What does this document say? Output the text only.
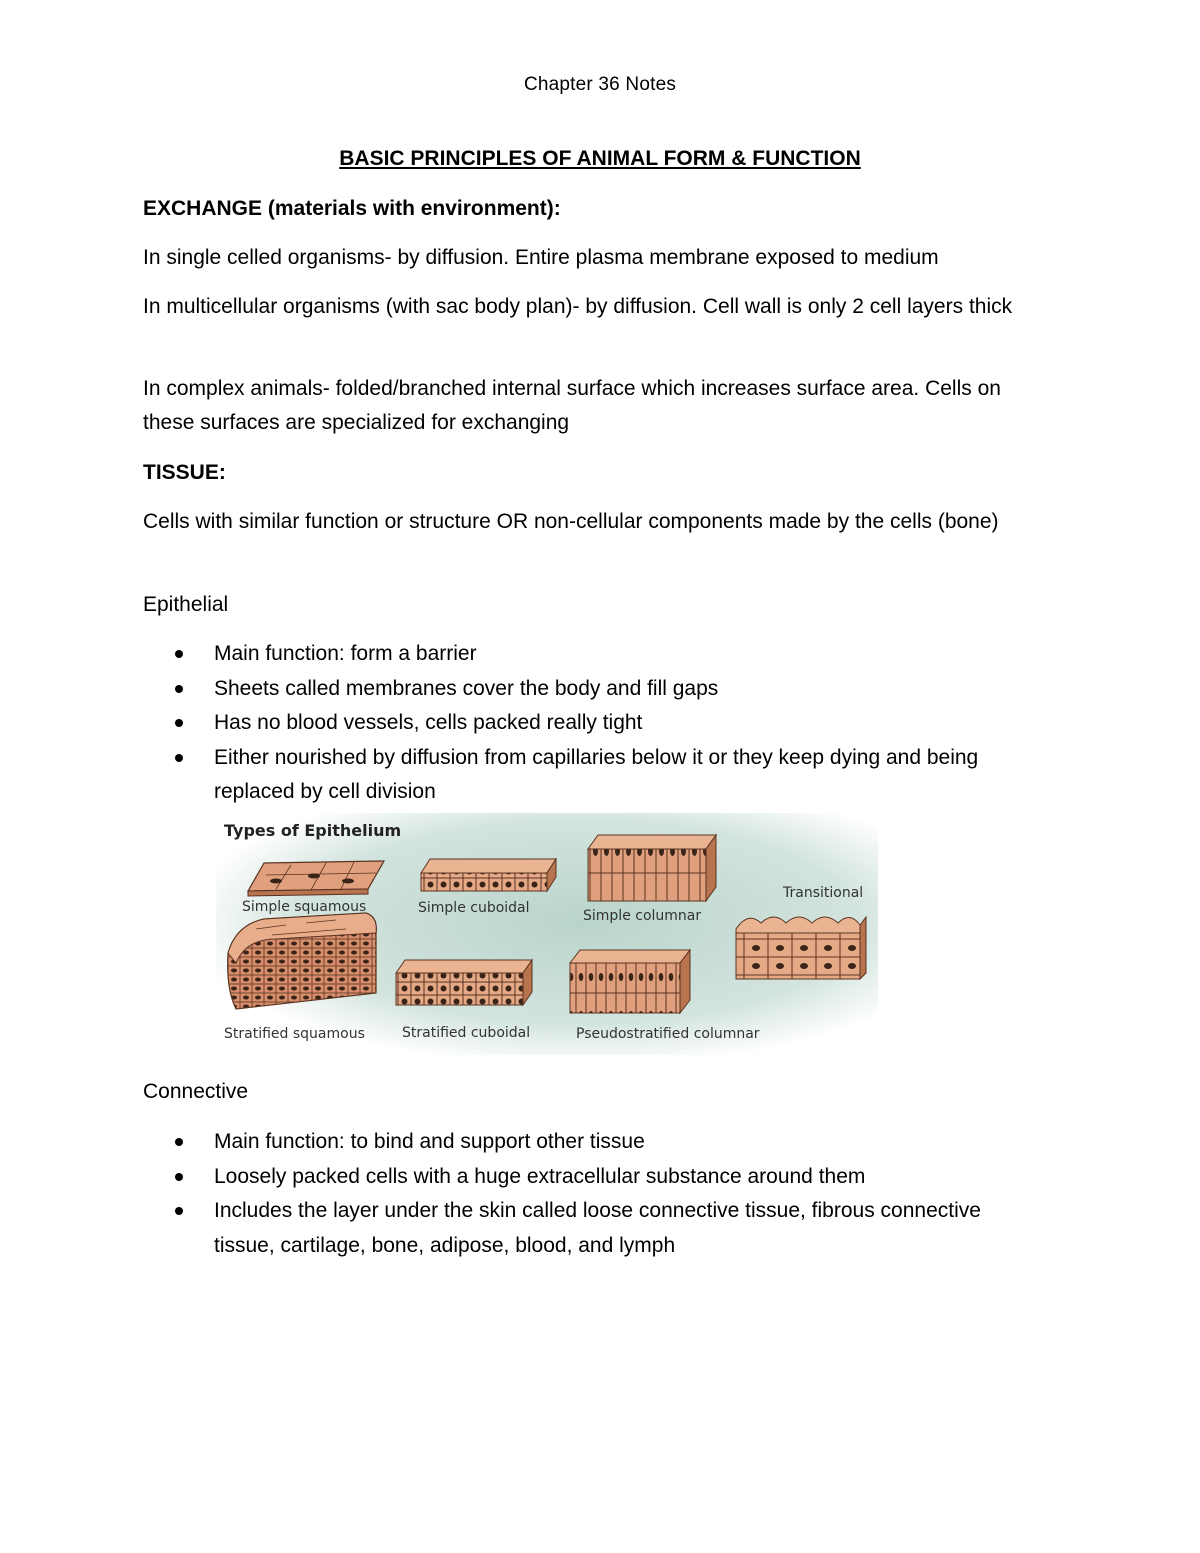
Chapter 36 Notes
BASIC PRINCIPLES OF ANIMAL FORM & FUNCTION

EXCHANGE (materials with environment):

In single celled organisms- by diffusion. Entire plasma membrane exposed to medium

In multicellular organisms (with sac body plan)- by diffusion. Cell wall is only 2 cell layers thick

In complex animals- folded/branched internal surface which increases surface area. Cells on these surfaces are specialized for exchanging

TISSUE:

Cells with similar function or structure OR non-cellular components made by the cells (bone)

Epithelial

Main function: form a barrier
Sheets called membranes cover the body and fill gaps
Has no blood vessels, cells packed really tight
Either nourished by diffusion from capillaries below it or they keep dying and being replaced by cell division
Types of Epithelium
Simple squamous	Simple cuboidal	Simple columnar
Transitional
Stratified squamous	Stratified cuboidal	Pseudostratified columnar

Connective

Main function: to bind and support other tissue
Loosely packed cells with a huge extracellular substance around them
Includes the layer under the skin called loose connective tissue, fibrous connective tissue, cartilage, bone, adipose, blood, and lymph
